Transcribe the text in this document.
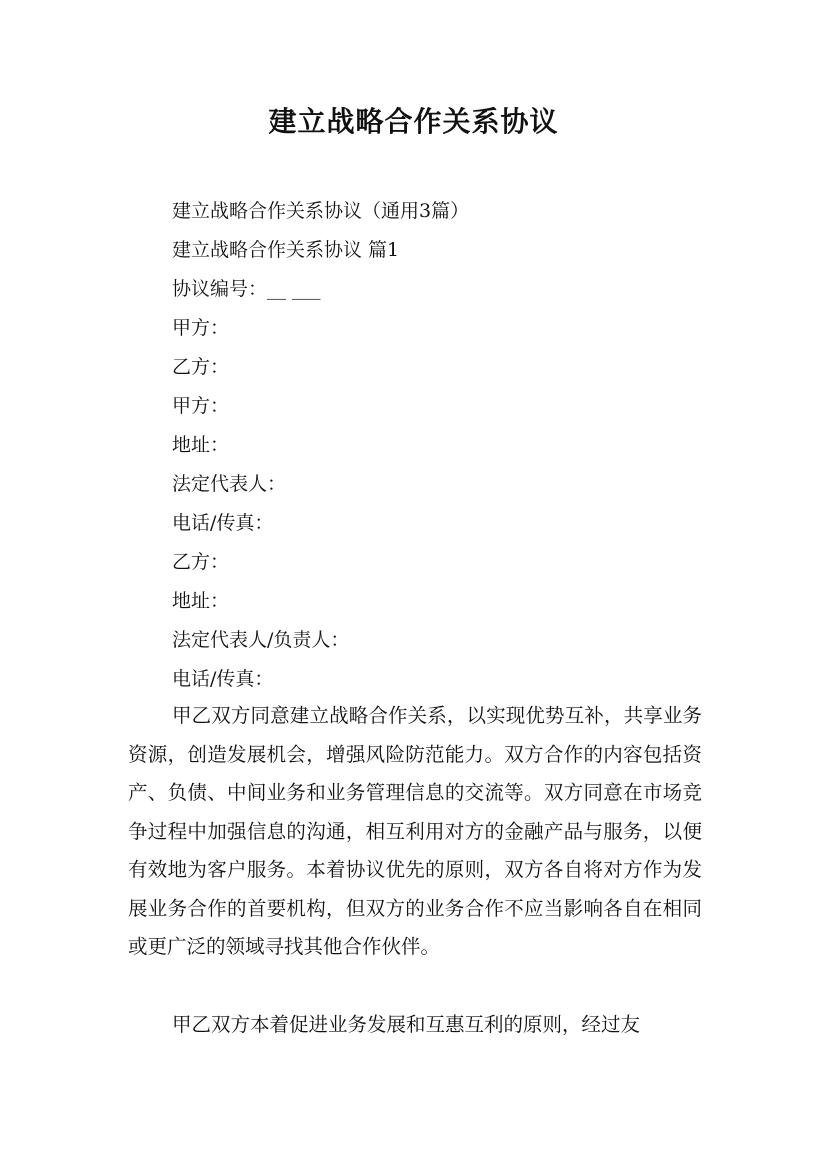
建立战略合作关系协议

建立战略合作关系协议（通用3篇）

建立战略合作关系协议 篇1

协议编号：__ ___

甲方：

乙方：

甲方：

地址：

法定代表人：

电话/传真：

乙方：

地址：

法定代表人/负责人：

电话/传真：

甲乙双方同意建立战略合作关系，以实现优势互补，共享业务资源，创造发展机会，增强风险防范能力。双方合作的内容包括资产、负债、中间业务和业务管理信息的交流等。双方同意在市场竞争过程中加强信息的沟通，相互利用对方的金融产品与服务，以便有效地为客户服务。本着协议优先的原则，双方各自将对方作为发展业务合作的首要机构，但双方的业务合作不应当影响各自在相同或更广泛的领域寻找其他合作伙伴。

甲乙双方本着促进业务发展和互惠互利的原则，经过友
